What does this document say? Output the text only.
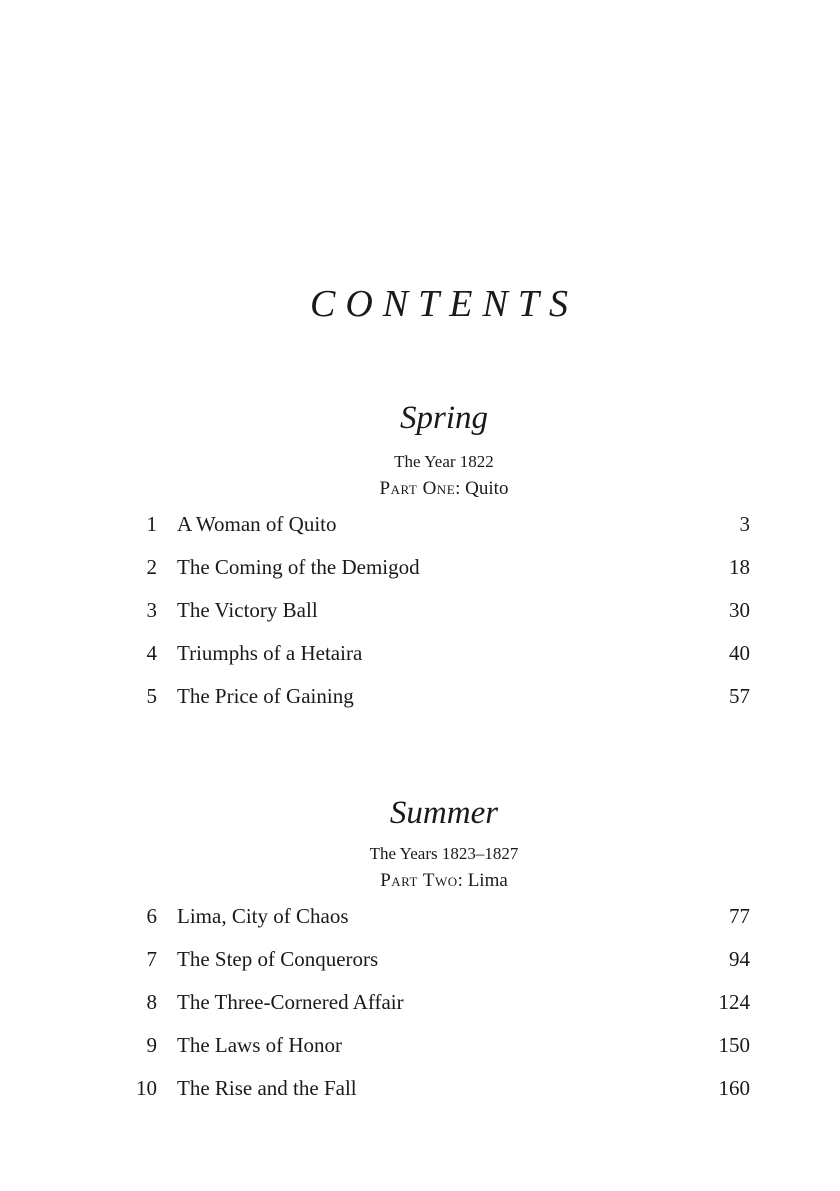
CONTENTS
Spring
The Year 1822
Part One: Quito
1 A Woman of Quito	3
2 The Coming of the Demigod	18
3 The Victory Ball	30
4 Triumphs of a Hetaira	40
5 The Price of Gaining	57
Summer
The Years 1823–1827
Part Two: Lima
6 Lima, City of Chaos	77
7 The Step of Conquerors	94
8 The Three-Cornered Affair	124
9 The Laws of Honor	150
10 The Rise and the Fall	160
